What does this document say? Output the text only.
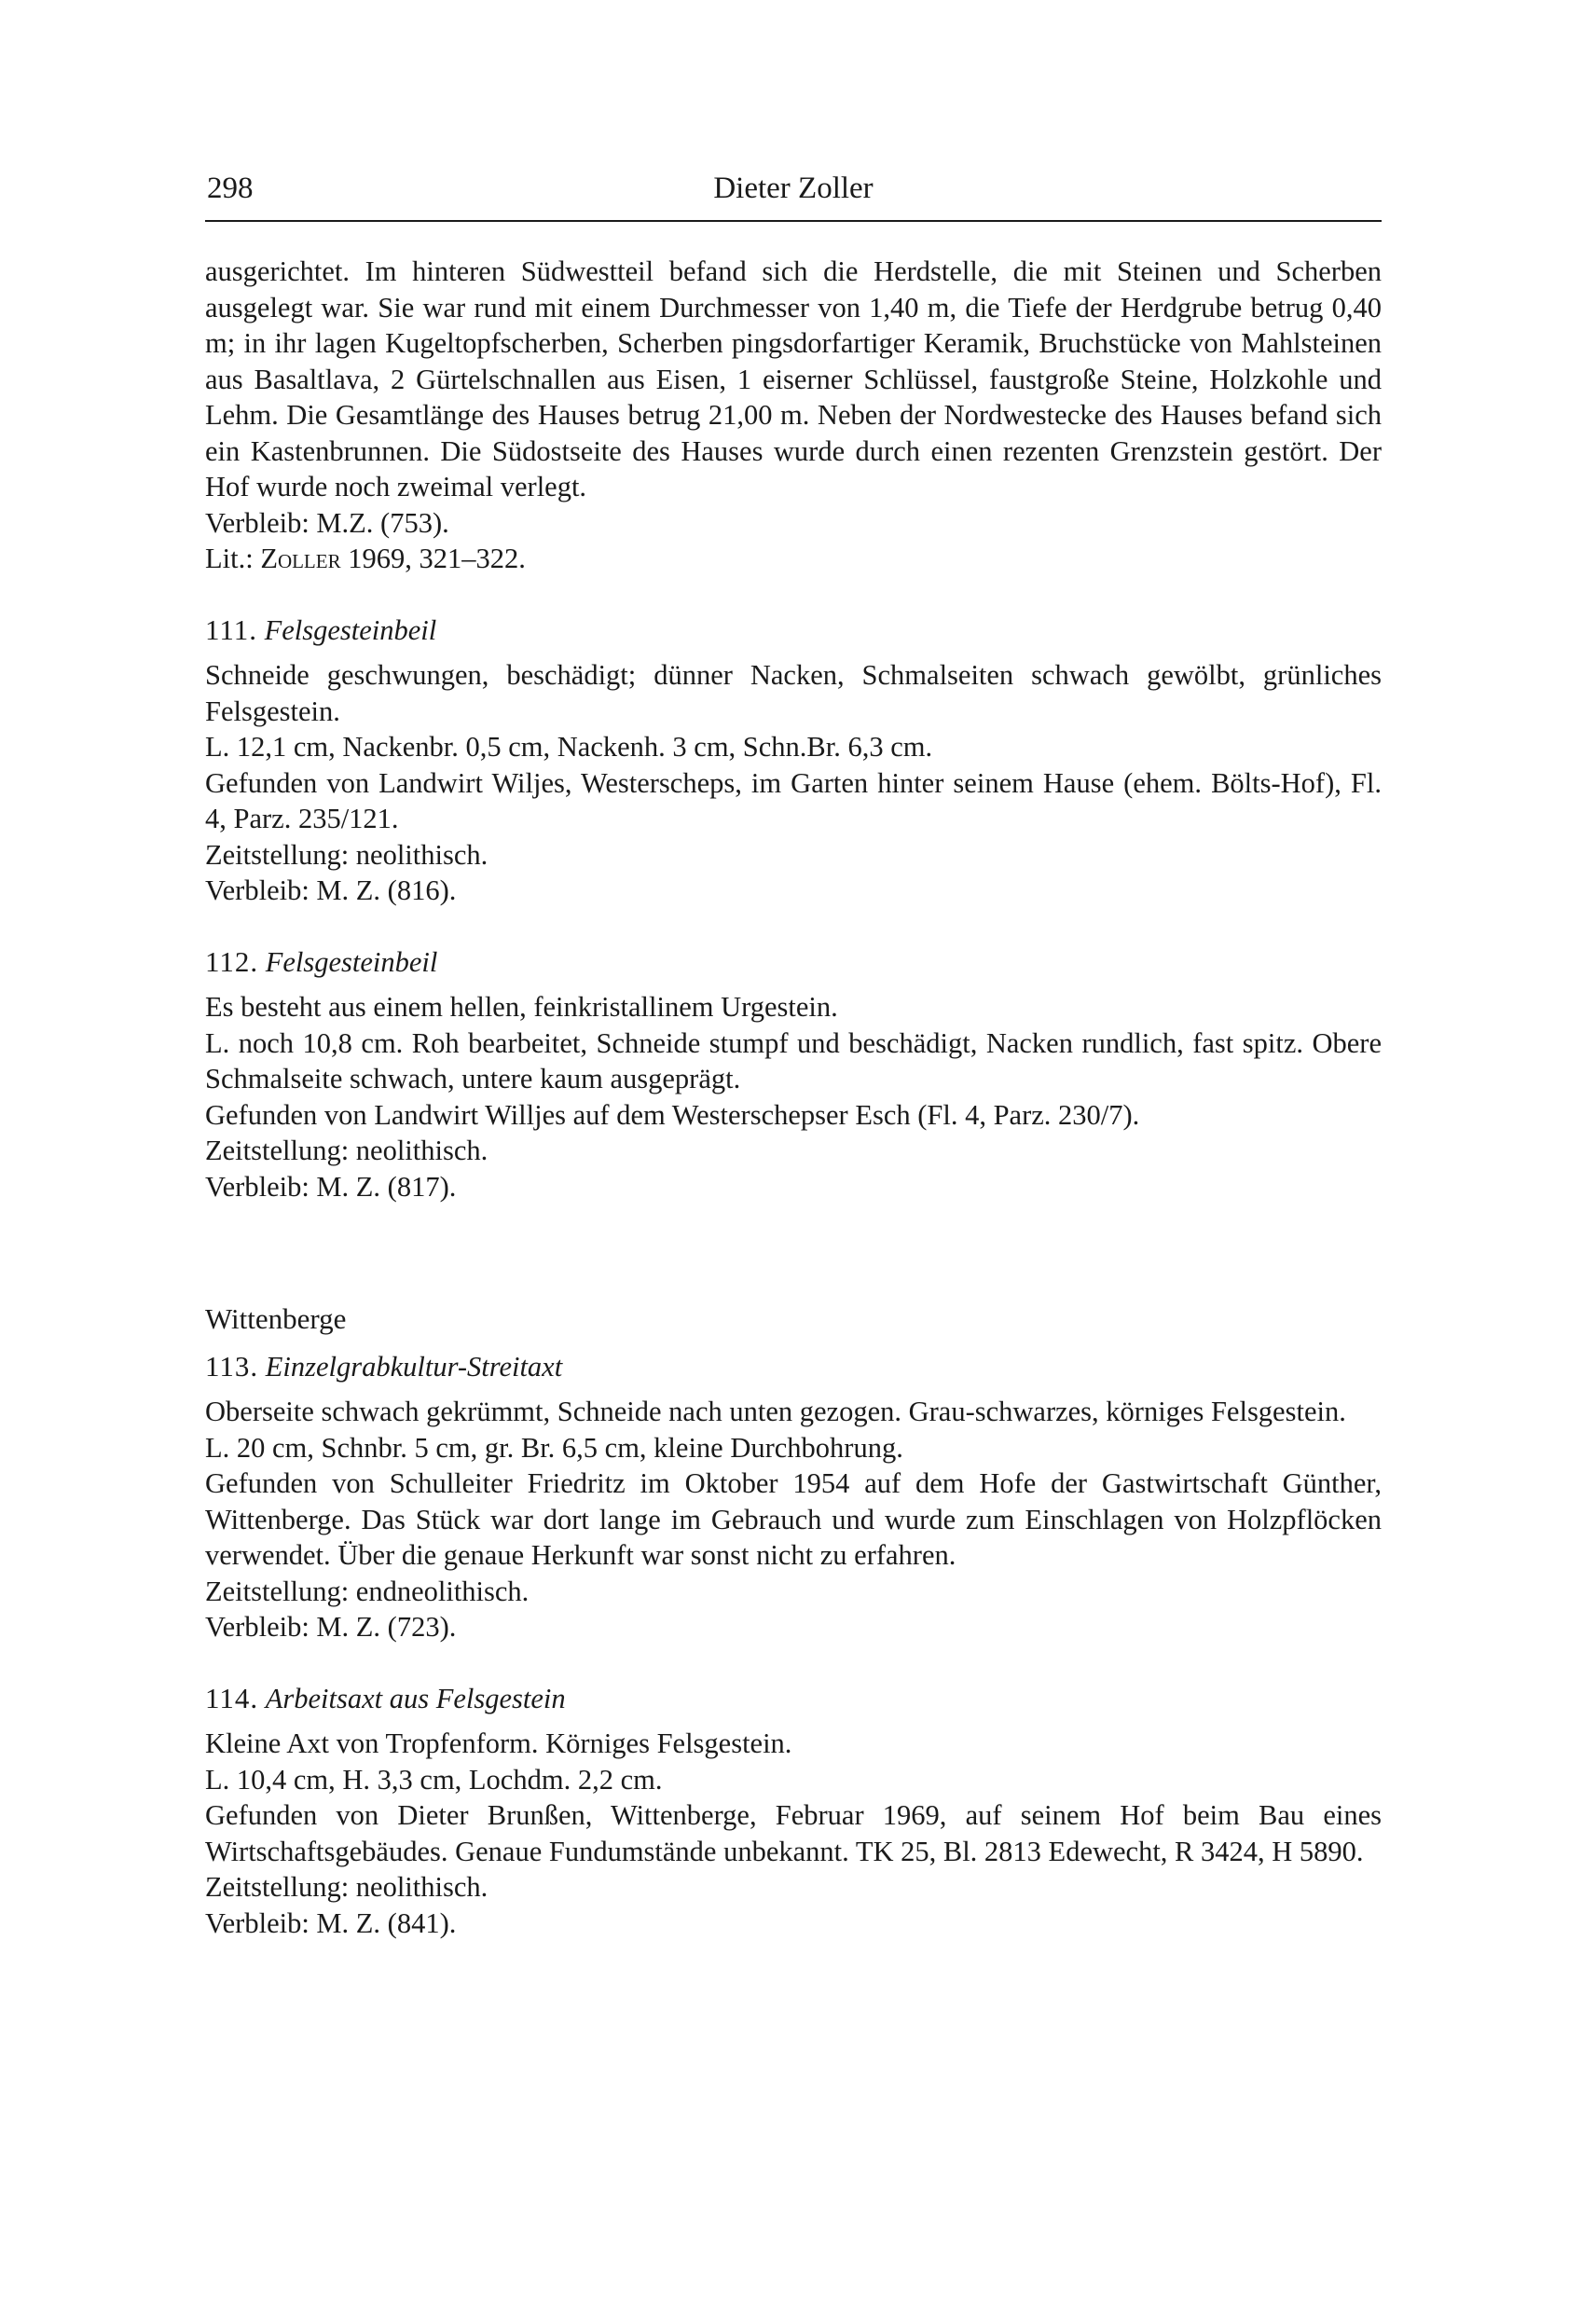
298	Dieter Zoller

ausgerichtet. Im hinteren Südwestteil befand sich die Herdstelle, die mit Steinen und Scherben ausgelegt war. Sie war rund mit einem Durchmesser von 1,40 m, die Tiefe der Herdgrube betrug 0,40 m; in ihr lagen Kugeltopfscherben, Scherben pingsdorfartiger Keramik, Bruchstücke von Mahlsteinen aus Basaltlava, 2 Gürtelschnallen aus Eisen, 1 eiserner Schlüssel, faustgroße Steine, Holzkohle und Lehm. Die Gesamtlänge des Hauses betrug 21,00 m. Neben der Nordwestecke des Hauses befand sich ein Kastenbrunnen. Die Südostseite des Hauses wurde durch einen rezenten Grenzstein gestört. Der Hof wurde noch zweimal verlegt.

Verbleib: M.Z. (753).

Lit.: Zoller 1969, 321–322.

111. Felsgesteinbeil

Schneide geschwungen, beschädigt; dünner Nacken, Schmalseiten schwach gewölbt, grünliches Felsgestein.

L. 12,1 cm, Nackenbr. 0,5 cm, Nackenh. 3 cm, Schn.Br. 6,3 cm.

Gefunden von Landwirt Wiljes, Westerscheps, im Garten hinter seinem Hause (ehem. Bölts-Hof), Fl. 4, Parz. 235/121.

Zeitstellung: neolithisch.

Verbleib: M. Z. (816).

112. Felsgesteinbeil

Es besteht aus einem hellen, feinkristallinem Urgestein.

L. noch 10,8 cm. Roh bearbeitet, Schneide stumpf und beschädigt, Nacken rundlich, fast spitz. Obere Schmalseite schwach, untere kaum ausgeprägt.

Gefunden von Landwirt Willjes auf dem Westerschepser Esch (Fl. 4, Parz. 230/7).

Zeitstellung: neolithisch.

Verbleib: M. Z. (817).

Wittenberge

113. Einzelgrabkultur-Streitaxt

Oberseite schwach gekrümmt, Schneide nach unten gezogen. Grau-schwarzes, körniges Felsgestein.

L. 20 cm, Schnbr. 5 cm, gr. Br. 6,5 cm, kleine Durchbohrung.

Gefunden von Schulleiter Friedritz im Oktober 1954 auf dem Hofe der Gastwirtschaft Günther, Wittenberge. Das Stück war dort lange im Gebrauch und wurde zum Einschlagen von Holzpflöcken verwendet. Über die genaue Herkunft war sonst nicht zu erfahren.

Zeitstellung: endneolithisch.

Verbleib: M. Z. (723).

114. Arbeitsaxt aus Felsgestein

Kleine Axt von Tropfenform. Körniges Felsgestein.

L. 10,4 cm, H. 3,3 cm, Lochdm. 2,2 cm.

Gefunden von Dieter Brunßen, Wittenberge, Februar 1969, auf seinem Hof beim Bau eines Wirtschaftsgebäudes. Genaue Fundumstände unbekannt. TK 25, Bl. 2813 Edewecht, R 3424, H 5890.

Zeitstellung: neolithisch.

Verbleib: M. Z. (841).
